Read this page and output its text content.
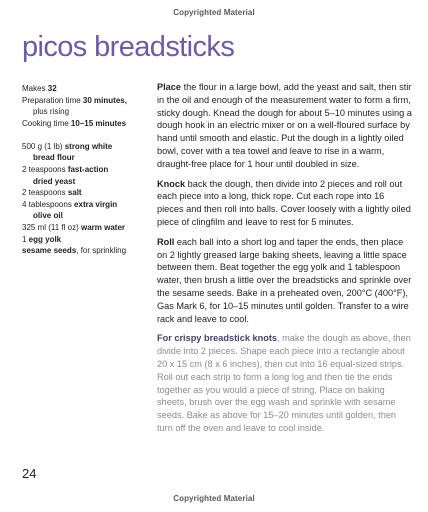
Copyrighted Material
picos breadsticks

Makes 32

Preparation time 30 minutes,
plus rising

Cooking time 10–15 minutes

500 g (1 lb) strong white
bread flour

2 teaspoons fast-action
dried yeast

2 teaspoons salt

4 tablespoons extra virgin
olive oil

325 ml (11 fl oz) warm water

1 egg yolk

sesame seeds, for sprinkling

Place the flour in a large bowl, add the yeast and salt, then stir in the oil and enough of the measurement water to form a firm, sticky dough. Knead the dough for about 5–10 minutes using a dough hook in an electric mixer or on a well-floured surface by hand until smooth and elastic. Put the dough in a lightly oiled bowl, cover with a tea towel and leave to rise in a warm, draught-free place for 1 hour until doubled in size.

Knock back the dough, then divide into 2 pieces and roll out each piece into a long, thick rope. Cut each rope into 16 pieces and then roll into balls. Cover loosely with a lightly oiled piece of clingfilm and leave to rest for 5 minutes.

Roll each ball into a short log and taper the ends, then place on 2 lightly greased large baking sheets, leaving a little space between them. Beat together the egg yolk and 1 tablespoon water, then brush a little over the breadsticks and sprinkle over the sesame seeds. Bake in a preheated oven, 200°C (400°F), Gas Mark 6, for 10–15 minutes until golden. Transfer to a wire rack and leave to cool.

For crispy breadstick knots, make the dough as above, then divide into 2 pieces. Shape each piece into a rectangle about 20 x 15 cm (8 x 6 inches), then cut into 16 equal-sized strips. Roll out each strip to form a long log and then tie the ends together as you would a piece of string. Place on baking sheets, brush over the egg wash and sprinkle with sesame seeds. Bake as above for 15–20 minutes until golden, then turn off the oven and leave to cool inside.

24
Copyrighted Material
